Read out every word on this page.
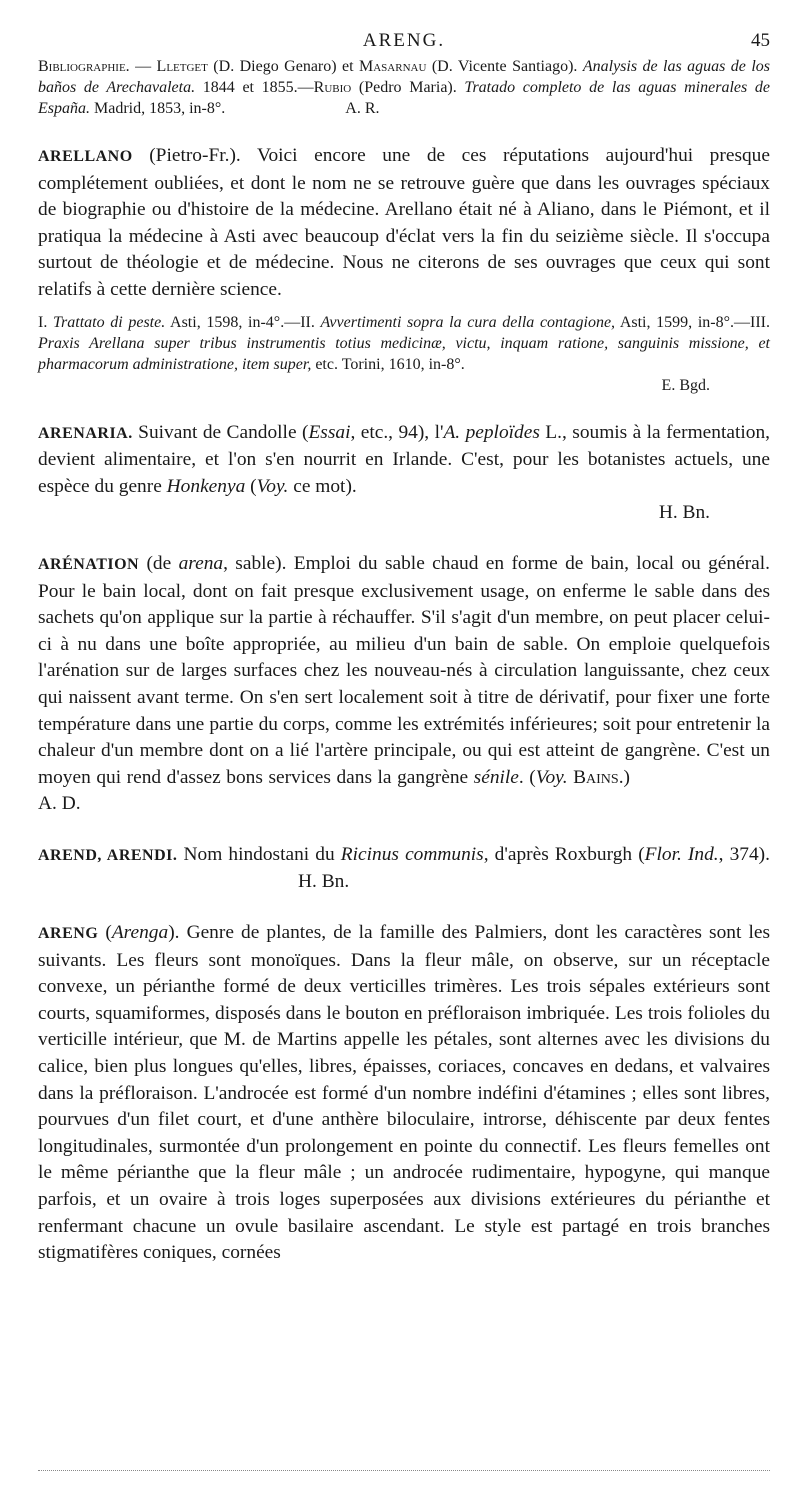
ARENG.	45

Bibliographie. — Lletget (D. Diego Genaro) et Masarnau (D. Vicente Santiago). Analysis de las aguas de los baños de Arechavaleta. 1844 et 1855.—Rubio (Pedro Maria). Tratado completo de las aguas minerales de España. Madrid, 1853, in-8°.	A. R.

ARELLANO (Pietro-Fr.). Voici encore une de ces réputations aujourd'hui presque complétement oubliées, et dont le nom ne se retrouve guère que dans les ouvrages spéciaux de biographie ou d'histoire de la médecine. Arellano était né à Aliano, dans le Piémont, et il pratiqua la médecine à Asti avec beaucoup d'éclat vers la fin du seizième siècle. Il s'occupa surtout de théologie et de médecine. Nous ne citerons de ses ouvrages que ceux qui sont relatifs à cette dernière science.

I. Trattato di peste. Asti, 1598, in-4°.—II. Avvertimenti sopra la cura della contagione, Asti, 1599, in-8°.—III. Praxis Arellana super tribus instrumentis totius medicinæ, victu, inquam ratione, sanguinis missione, et pharmacorum administratione, item super, etc. Torini, 1610, in-8°.

E. Bgd.

ARENARIA. Suivant de Candolle (Essai, etc., 94), l'A. peploïdes L., soumis à la fermentation, devient alimentaire, et l'on s'en nourrit en Irlande. C'est, pour les botanistes actuels, une espèce du genre Honkenya (Voy. ce mot).

H. Bn.

ARÉNATION (de arena, sable). Emploi du sable chaud en forme de bain, local ou général. Pour le bain local, dont on fait presque exclusivement usage, on enferme le sable dans des sachets qu'on applique sur la partie à réchauffer. S'il s'agit d'un membre, on peut placer celui-ci à nu dans une boîte appropriée, au milieu d'un bain de sable. On emploie quelquefois l'arénation sur de larges surfaces chez les nouveau-nés à circulation languissante, chez ceux qui naissent avant terme. On s'en sert localement soit à titre de dérivatif, pour fixer une forte température dans une partie du corps, comme les extrémités inférieures; soit pour entretenir la chaleur d'un membre dont on a lié l'artère principale, ou qui est atteint de gangrène. C'est un moyen qui rend d'assez bons services dans la gangrène sénile. (Voy. Bains.)A. D.

AREND, ARENDI. Nom hindostani du Ricinus communis, d'après Roxburgh (Flor. Ind., 374).H. Bn.

ARENG (Arenga). Genre de plantes, de la famille des Palmiers, dont les caractères sont les suivants. Les fleurs sont monoïques. Dans la fleur mâle, on observe, sur un réceptacle convexe, un périanthe formé de deux verticilles trimères. Les trois sépales extérieurs sont courts, squamiformes, disposés dans le bouton en préfloraison imbriquée. Les trois folioles du verticille intérieur, que M. de Martins appelle les pétales, sont alternes avec les divisions du calice, bien plus longues qu'elles, libres, épaisses, coriaces, concaves en dedans, et valvaires dans la préfloraison. L'androcée est formé d'un nombre indéfini d'étamines ; elles sont libres, pourvues d'un filet court, et d'une anthère biloculaire, introrse, déhiscente par deux fentes longitudinales, surmontée d'un prolongement en pointe du connectif. Les fleurs femelles ont le même périanthe que la fleur mâle ; un androcée rudimentaire, hypogyne, qui manque parfois, et un ovaire à trois loges superposées aux divisions extérieures du périanthe et renfermant chacune un ovule basilaire ascendant. Le style est partagé en trois branches stigmatifères coniques, cornées
